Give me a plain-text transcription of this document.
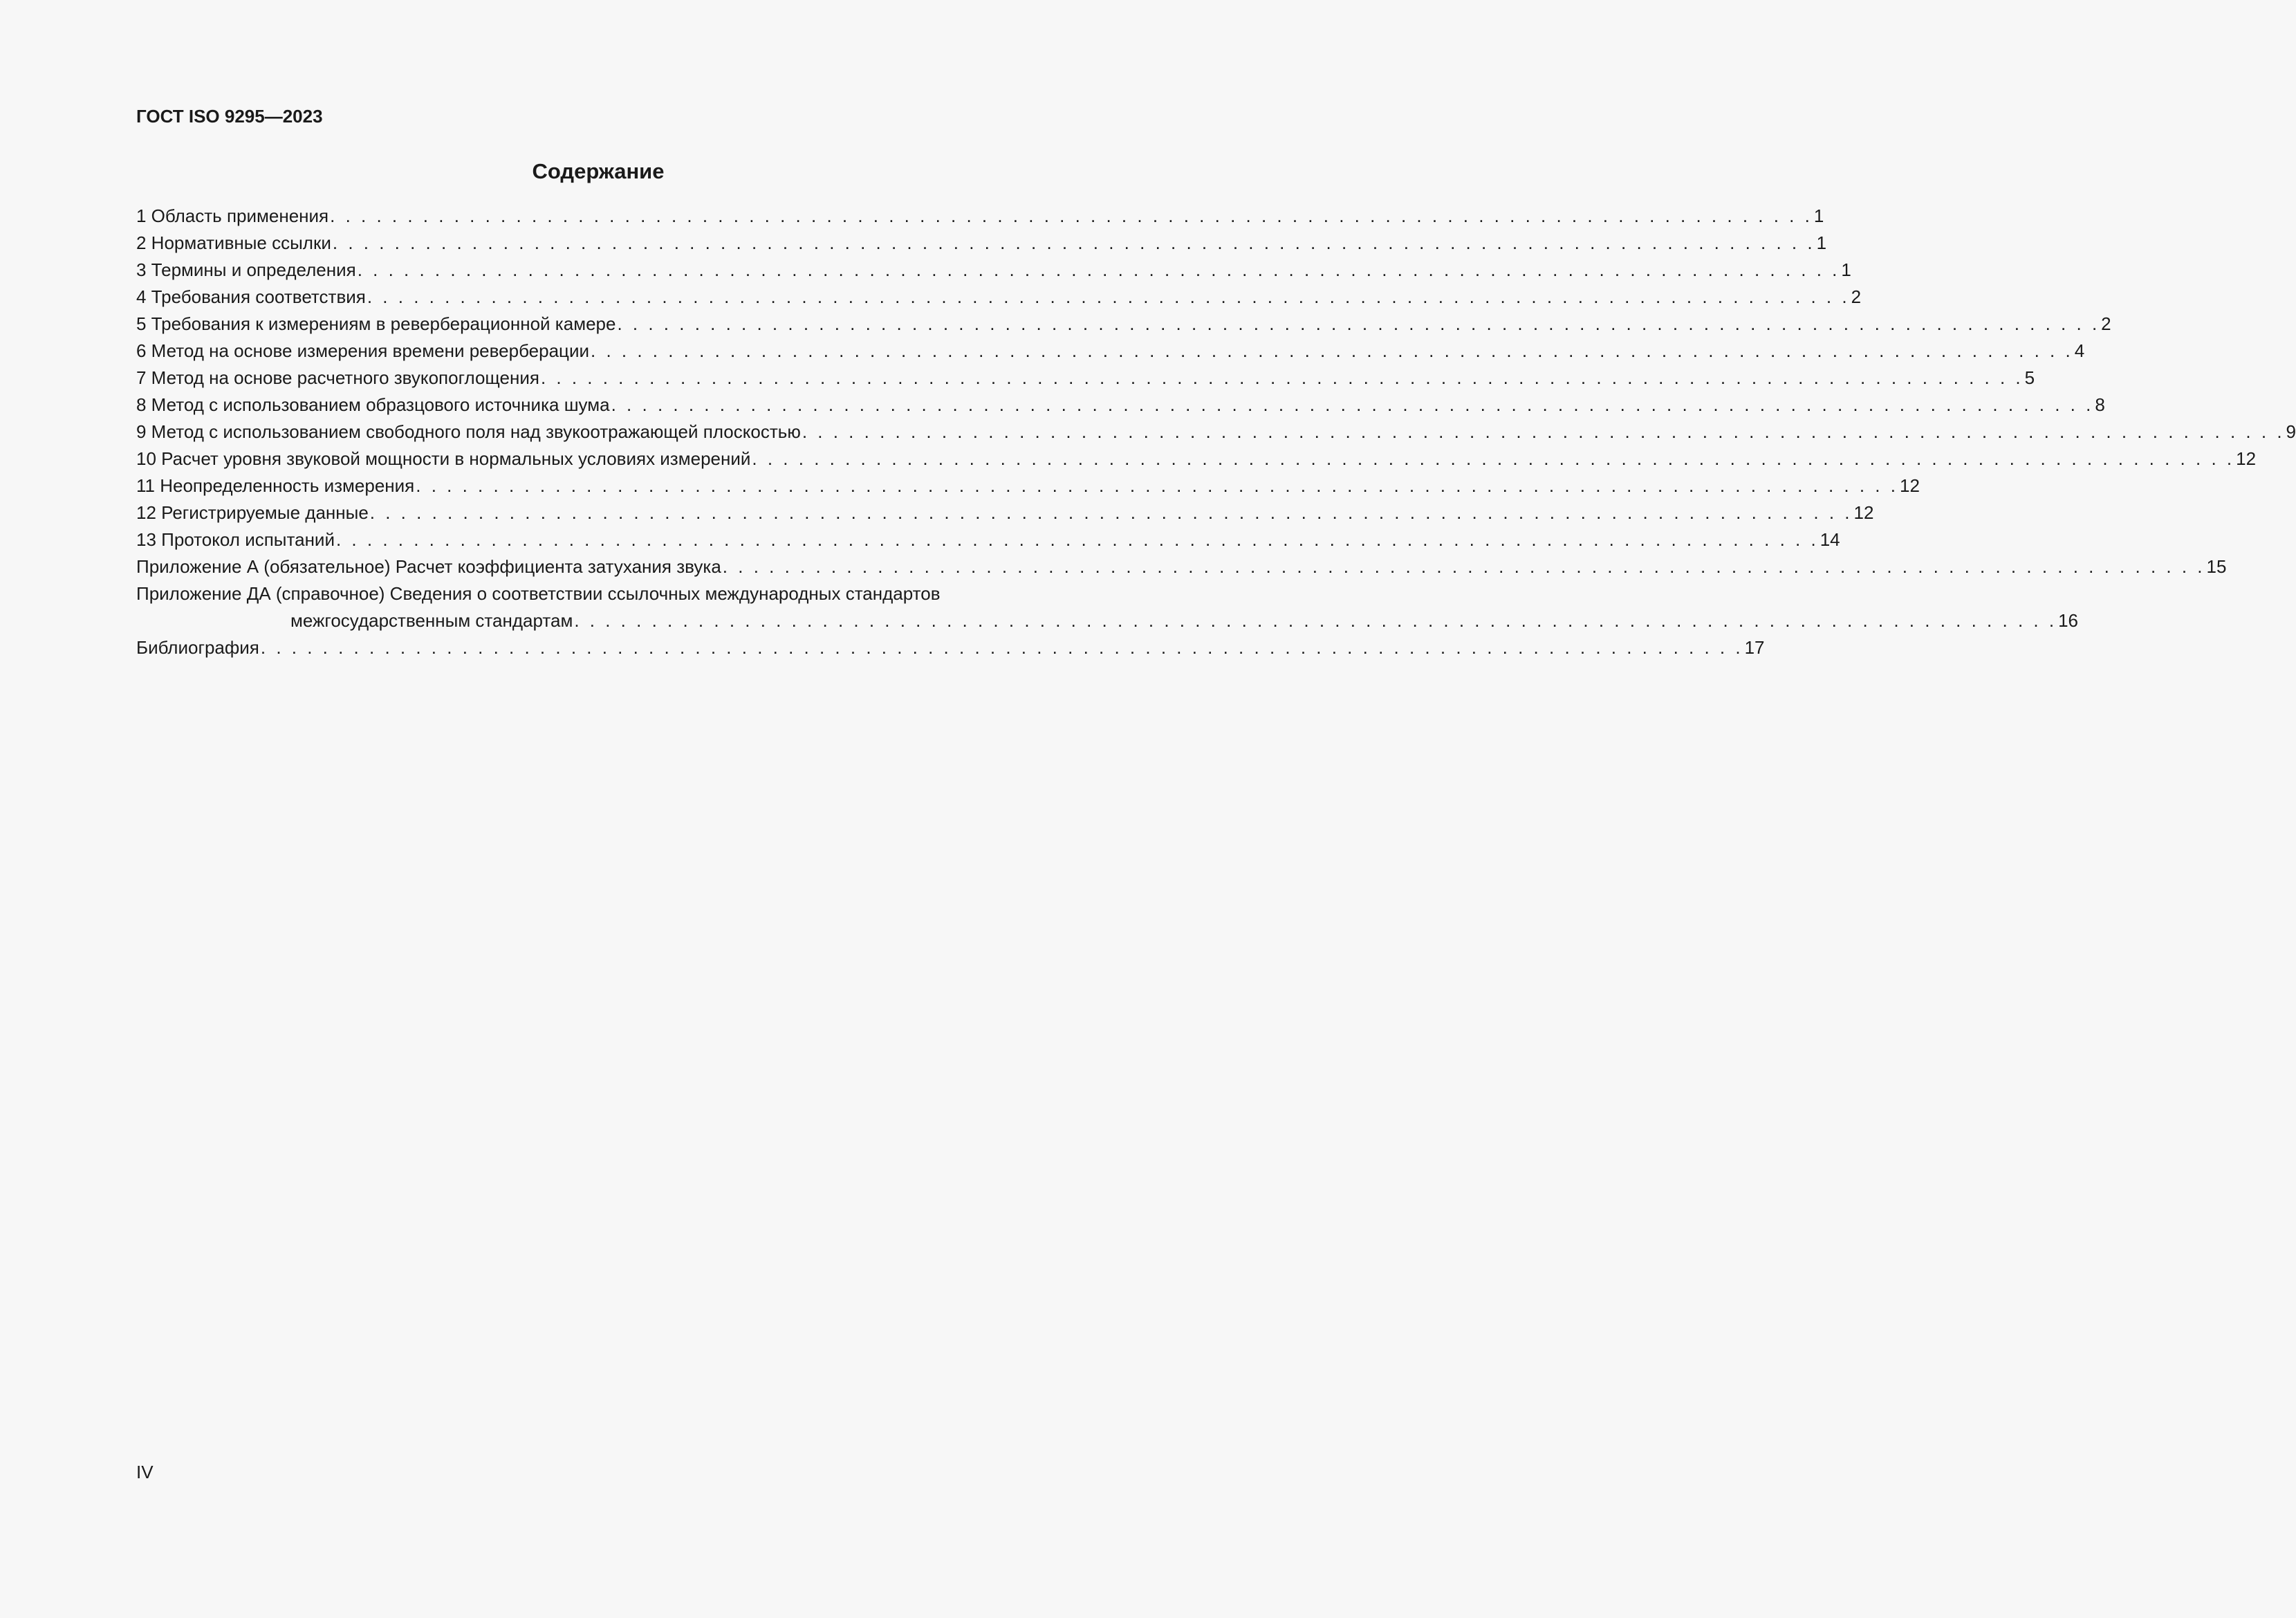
ГОСТ ISO 9295—2023
Содержание
1 Область применения . . . . . . . . . . . . . . . . . . . . . . . . . . . . . . . . . . . . . . . . . . . . . . . . . . . . . . . . . . . . . . . . . . . . . . . . . . . . . . . . . . . . . . . . . . . . . . . . 1
2 Нормативные ссылки . . . . . . . . . . . . . . . . . . . . . . . . . . . . . . . . . . . . . . . . . . . . . . . . . . . . . . . . . . . . . . . . . . . . . . . . . . . . . . . . . . . . . . . . . . . . . . . . 1
3 Термины и определения . . . . . . . . . . . . . . . . . . . . . . . . . . . . . . . . . . . . . . . . . . . . . . . . . . . . . . . . . . . . . . . . . . . . . . . . . . . . . . . . . . . . . . . . . . . . . . . . 1
4 Требования соответствия . . . . . . . . . . . . . . . . . . . . . . . . . . . . . . . . . . . . . . . . . . . . . . . . . . . . . . . . . . . . . . . . . . . . . . . . . . . . . . . . . . . . . . . . . . . . . . . . 2
5 Требования к измерениям в реверберационной камере . . . . . . . . . . . . . . . . . . . . . . . . . . . . . . . . . . . . . . . . . . . . . . . . . . . . . . . . . . . . . . . . . . . . . . . . . . . . . . . . . . . . . . . . . . . . . . . . 2
6 Метод на основе измерения времени реверберации . . . . . . . . . . . . . . . . . . . . . . . . . . . . . . . . . . . . . . . . . . . . . . . . . . . . . . . . . . . . . . . . . . . . . . . . . . . . . . . . . . . . . . . . . . . . . . . . 4
7 Метод на основе расчетного звукопоглощения . . . . . . . . . . . . . . . . . . . . . . . . . . . . . . . . . . . . . . . . . . . . . . . . . . . . . . . . . . . . . . . . . . . . . . . . . . . . . . . . . . . . . . . . . . . . . . . . 5
8 Метод с использованием образцового источника шума . . . . . . . . . . . . . . . . . . . . . . . . . . . . . . . . . . . . . . . . . . . . . . . . . . . . . . . . . . . . . . . . . . . . . . . . . . . . . . . . . . . . . . . . . . . . . . . . 8
9 Метод с использованием свободного поля над звукоотражающей плоскостью . . . . . . . . . . . . . . . . . . . . . . . . . . . . . . . . . . . . . . . . . . . . . . . . . . . . . . . . . . . . . . . . . . . . . . . . . . . . . . . . . . . . . . . . . . . . . . . . 9
10 Расчет уровня звуковой мощности в нормальных условиях измерений . . . . . . . . . . . . . . . . . . . . . . . . . . . . . . . . . . . . . . . . . . . . . . . . . . . . . . . . . . . . . . . . . . . . . . . . . . . . . . . . . . . . . . . . . . . . . . . . 12
11 Неопределенность измерения . . . . . . . . . . . . . . . . . . . . . . . . . . . . . . . . . . . . . . . . . . . . . . . . . . . . . . . . . . . . . . . . . . . . . . . . . . . . . . . . . . . . . . . . . . . . . . . . 12
12 Регистрируемые данные . . . . . . . . . . . . . . . . . . . . . . . . . . . . . . . . . . . . . . . . . . . . . . . . . . . . . . . . . . . . . . . . . . . . . . . . . . . . . . . . . . . . . . . . . . . . . . . . 12
13 Протокол испытаний . . . . . . . . . . . . . . . . . . . . . . . . . . . . . . . . . . . . . . . . . . . . . . . . . . . . . . . . . . . . . . . . . . . . . . . . . . . . . . . . . . . . . . . . . . . . . . . . 14
Приложение А (обязательное) Расчет коэффициента затухания звука . . . . . . . . . . . . . . . . . . . . . . . . . . . . . . . . . . . . . . . . . . . . . . . . . . . . . . . . . . . . . . . . . . . . . . . . . . . . . . . . . . . . . . . . . . . . . . . . 15
Приложение ДА (справочное) Сведения о соответствии ссылочных международных стандартов
межгосударственным стандартам . . . . . . . . . . . . . . . . . . . . . . . . . . . . . . . . . . . . . . . . . . . . . . . . . . . . . . . . . . . . . . . . . . . . . . . . . . . . . . . . . . . . . . . . . . . . . . . . 16
Библиография . . . . . . . . . . . . . . . . . . . . . . . . . . . . . . . . . . . . . . . . . . . . . . . . . . . . . . . . . . . . . . . . . . . . . . . . . . . . . . . . . . . . . . . . . . . . . . . . 17
IV
